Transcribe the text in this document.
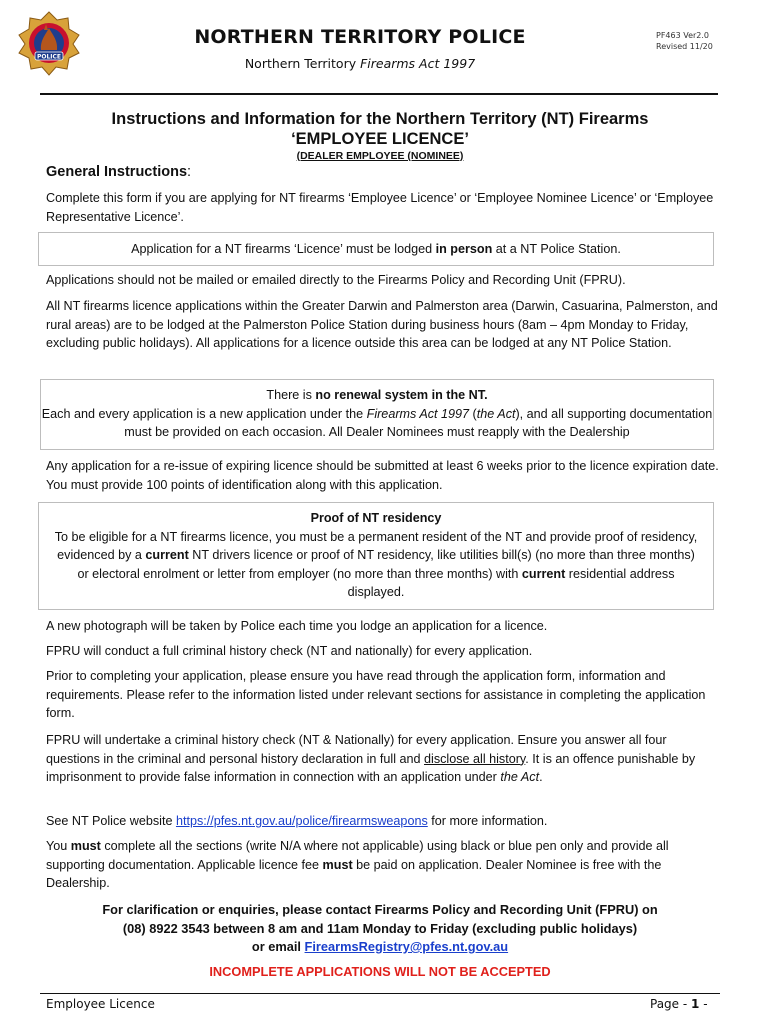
POLICE
NORTHERN TERRITORY POLICE
Northern Territory Firearms Act 1997
PF463 Ver2.0
Revised 11/20
Instructions and Information for the Northern Territory (NT) Firearms
‘EMPLOYEE LICENCE’
(DEALER EMPLOYEE (NOMINEE)
General Instructions:

Complete this form if you are applying for NT firearms ‘Employee Licence’ or ‘Employee Nominee Licence’ or ‘Employee Representative Licence’.

Application for a NT firearms ‘Licence’ must be lodged in person at a NT Police Station.

Applications should not be mailed or emailed directly to the Firearms Policy and Recording Unit (FPRU).

All NT firearms licence applications within the Greater Darwin and Palmerston area (Darwin, Casuarina, Palmerston, and rural areas) are to be lodged at the Palmerston Police Station during business hours (8am – 4pm Monday to Friday, excluding public holidays). All applications for a licence outside this area can be lodged at any NT Police Station.

There is no renewal system in the NT.
Each and every application is a new application under the Firearms Act 1997 (the Act), and all supporting documentation must be provided on each occasion. All Dealer Nominees must reapply with the Dealership

Any application for a re-issue of expiring licence should be submitted at least 6 weeks prior to the licence expiration date. You must provide 100 points of identification along with this application.

Proof of NT residency
To be eligible for a NT firearms licence, you must be a permanent resident of the NT and provide proof of residency, evidenced by a current NT drivers licence or proof of NT residency, like utilities bill(s) (no more than three months) or electoral enrolment or letter from employer (no more than three months) with current residential address displayed.

A new photograph will be taken by Police each time you lodge an application for a licence.

FPRU will conduct a full criminal history check (NT and nationally) for every application.

Prior to completing your application, please ensure you have read through the application form, information and requirements. Please refer to the information listed under relevant sections for assistance in completing the application form.

FPRU will undertake a criminal history check (NT & Nationally) for every application. Ensure you answer all four questions in the criminal and personal history declaration in full and disclose all history. It is an offence punishable by imprisonment to provide false information in connection with an application under the Act.

See NT Police website https://pfes.nt.gov.au/police/firearmsweapons for more information.

You must complete all the sections (write N/A where not applicable) using black or blue pen only and provide all supporting documentation. Applicable licence fee must be paid on application. Dealer Nominee is free with the Dealership.

For clarification or enquiries, please contact Firearms Policy and Recording Unit (FPRU) on
(08) 8922 3543 between 8 am and 11am Monday to Friday (excluding public holidays)
or email FirearmsRegistry@pfes.nt.gov.au
INCOMPLETE APPLICATIONS WILL NOT BE ACCEPTED
Employee Licence	Page - 1 -
